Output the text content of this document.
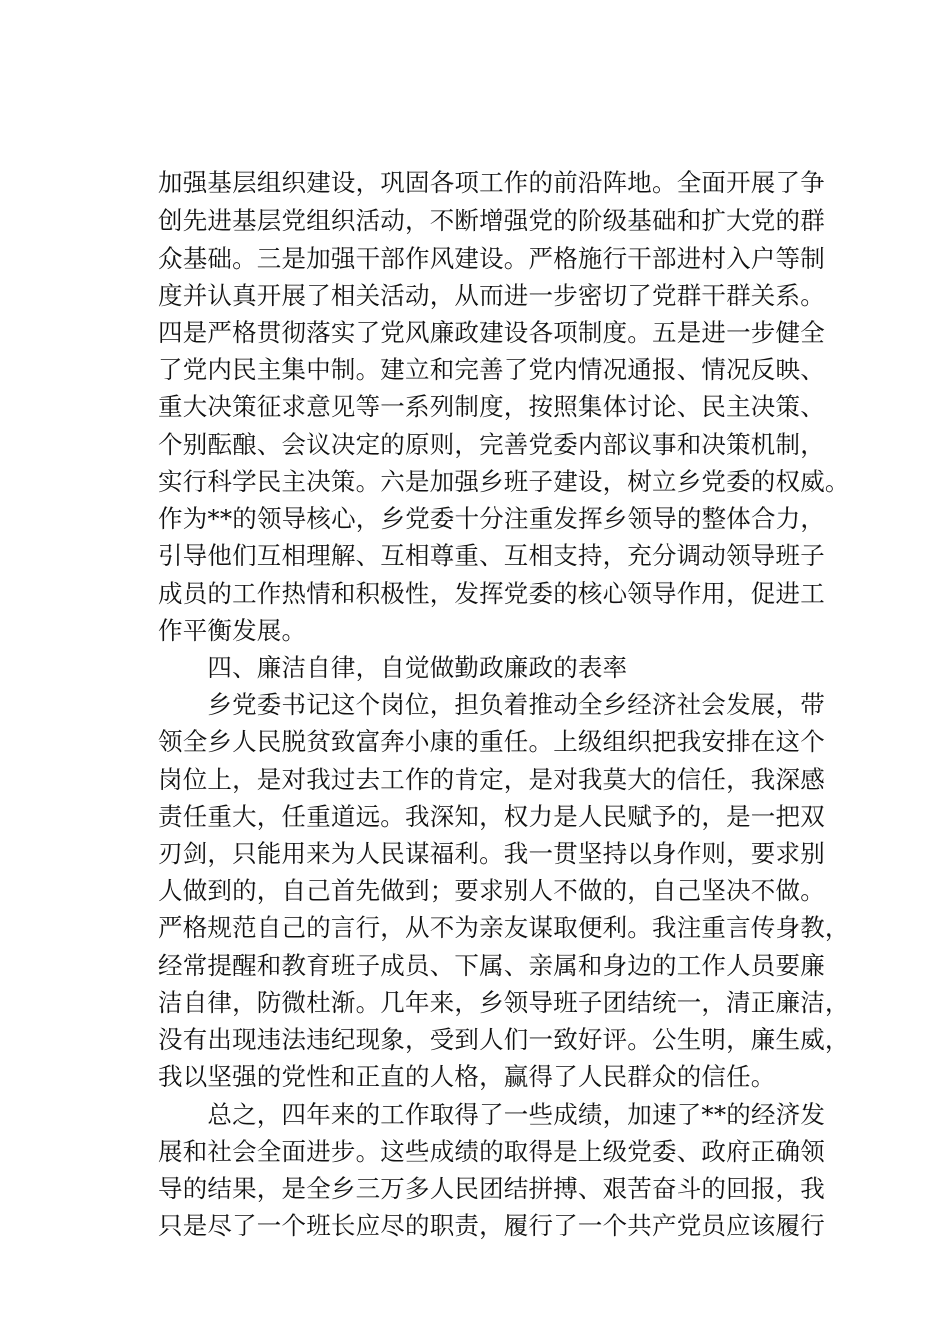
加强基层组织建设，巩固各项工作的前沿阵地。全面开展了争
创先进基层党组织活动，不断增强党的阶级基础和扩大党的群
众基础。三是加强干部作风建设。严格施行干部进村入户等制
度并认真开展了相关活动，从而进一步密切了党群干群关系。
四是严格贯彻落实了党风廉政建设各项制度。五是进一步健全
了党内民主集中制。建立和完善了党内情况通报、情况反映、
重大决策征求意见等一系列制度，按照集体讨论、民主决策、
个别酝酿、会议决定的原则，完善党委内部议事和决策机制，
实行科学民主决策。六是加强乡班子建设，树立乡党委的权威。
作为**的领导核心，乡党委十分注重发挥乡领导的整体合力，
引导他们互相理解、互相尊重、互相支持，充分调动领导班子
成员的工作热情和积极性，发挥党委的核心领导作用，促进工
作平衡发展。
　　四、廉洁自律，自觉做勤政廉政的表率
　　乡党委书记这个岗位，担负着推动全乡经济社会发展，带
领全乡人民脱贫致富奔小康的重任。上级组织把我安排在这个
岗位上，是对我过去工作的肯定，是对我莫大的信任，我深感
责任重大，任重道远。我深知，权力是人民赋予的，是一把双
刃剑，只能用来为人民谋福利。我一贯坚持以身作则，要求别
人做到的，自己首先做到；要求别人不做的，自己坚决不做。
严格规范自己的言行，从不为亲友谋取便利。我注重言传身教，
经常提醒和教育班子成员、下属、亲属和身边的工作人员要廉
洁自律，防微杜渐。几年来，乡领导班子团结统一，清正廉洁，
没有出现违法违纪现象，受到人们一致好评。公生明，廉生威，
我以坚强的党性和正直的人格，赢得了人民群众的信任。
　　总之，四年来的工作取得了一些成绩，加速了**的经济发
展和社会全面进步。这些成绩的取得是上级党委、政府正确领
导的结果，是全乡三万多人民团结拼搏、艰苦奋斗的回报，我
只是尽了一个班长应尽的职责，履行了一个共产党员应该履行
